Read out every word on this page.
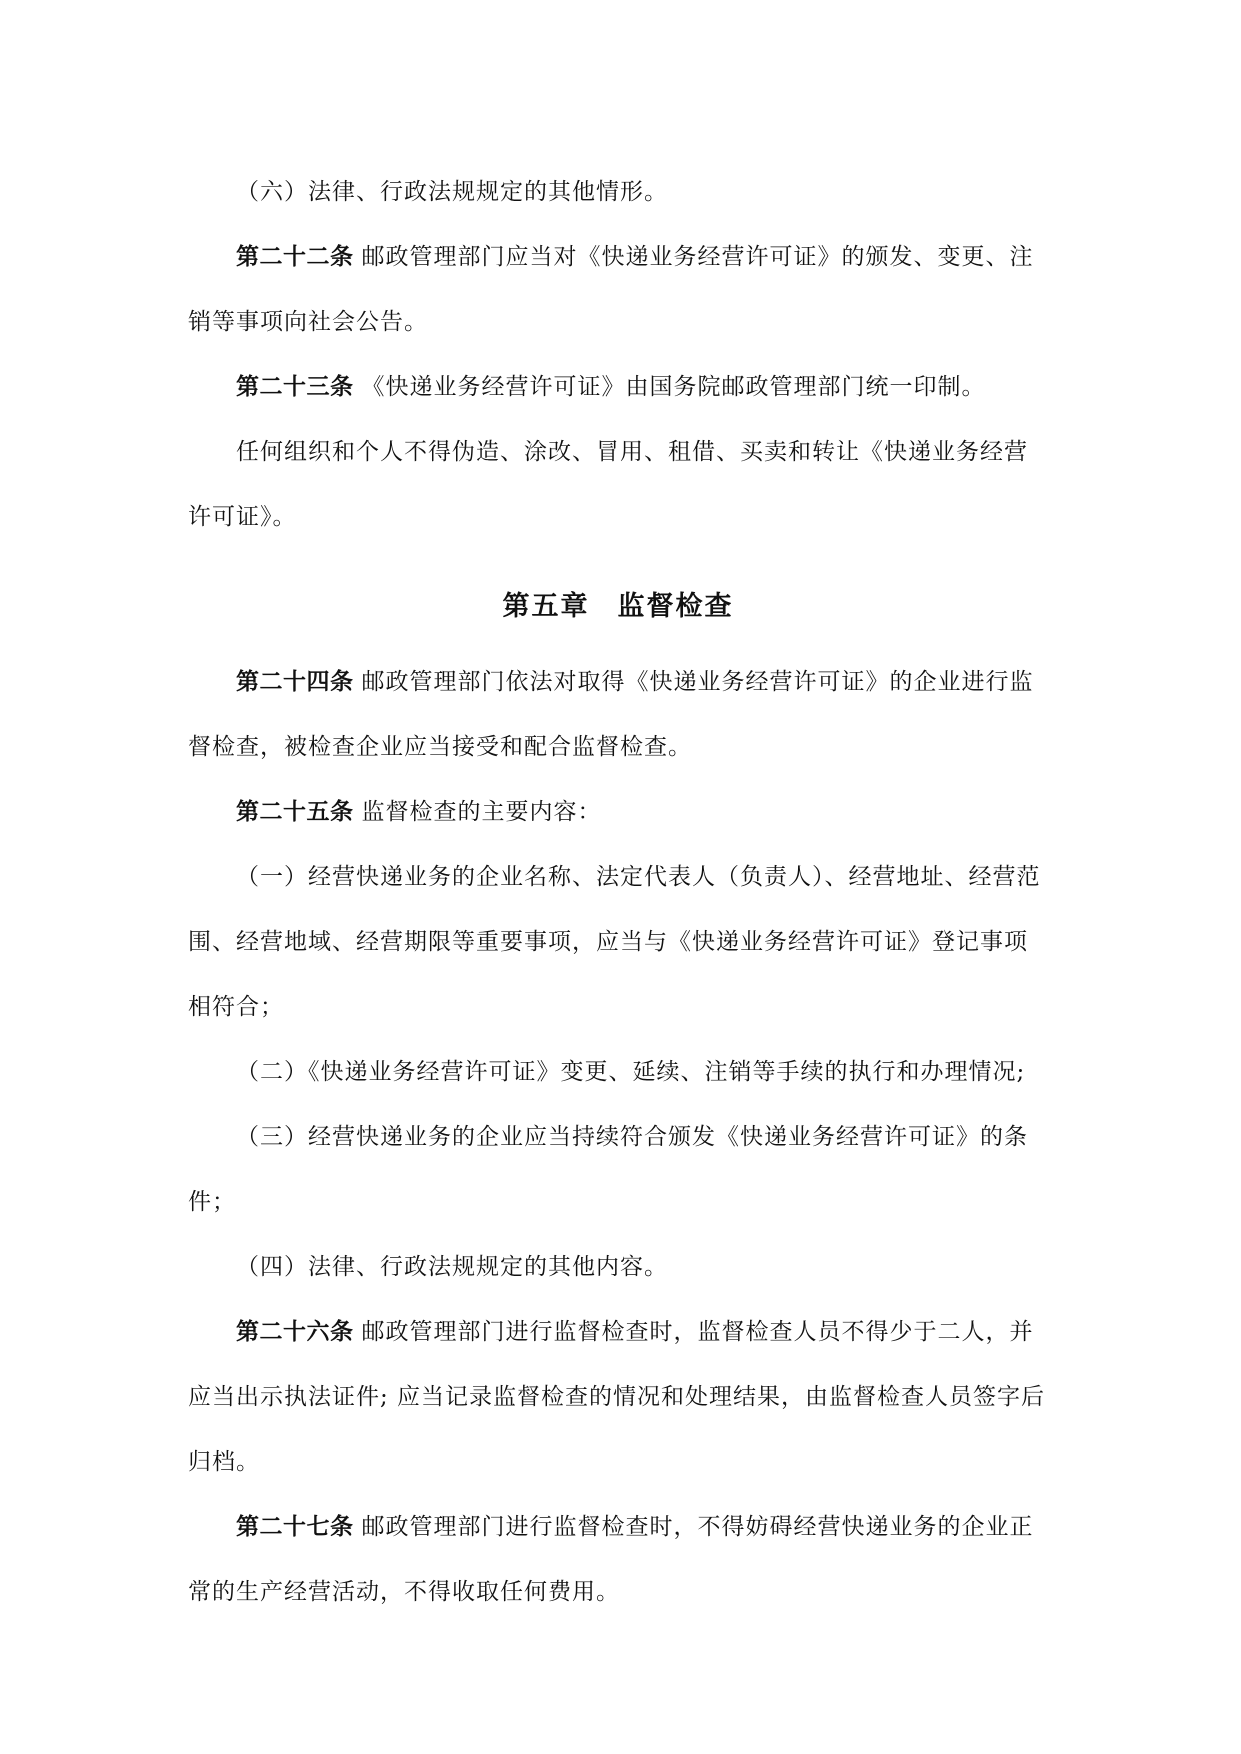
（六）法律、行政法规规定的其他情形。

第二十二条 邮政管理部门应当对《快递业务经营许可证》的颁发、变更、注销等事项向社会公告。

第二十三条 《快递业务经营许可证》由国务院邮政管理部门统一印制。

任何组织和个人不得伪造、涂改、冒用、租借、买卖和转让《快递业务经营许可证》。

第五章 监督检查

第二十四条 邮政管理部门依法对取得《快递业务经营许可证》的企业进行监督检查，被检查企业应当接受和配合监督检查。

第二十五条 监督检查的主要内容：

（一）经营快递业务的企业名称、法定代表人（负责人）、经营地址、经营范围、经营地域、经营期限等重要事项，应当与《快递业务经营许可证》登记事项相符合；

（二）《快递业务经营许可证》变更、延续、注销等手续的执行和办理情况;

（三）经营快递业务的企业应当持续符合颁发《快递业务经营许可证》的条件；

（四）法律、行政法规规定的其他内容。

第二十六条 邮政管理部门进行监督检查时，监督检查人员不得少于二人，并应当出示执法证件; 应当记录监督检查的情况和处理结果，由监督检查人员签字后归档。

第二十七条 邮政管理部门进行监督检查时，不得妨碍经营快递业务的企业正常的生产经营活动，不得收取任何费用。
